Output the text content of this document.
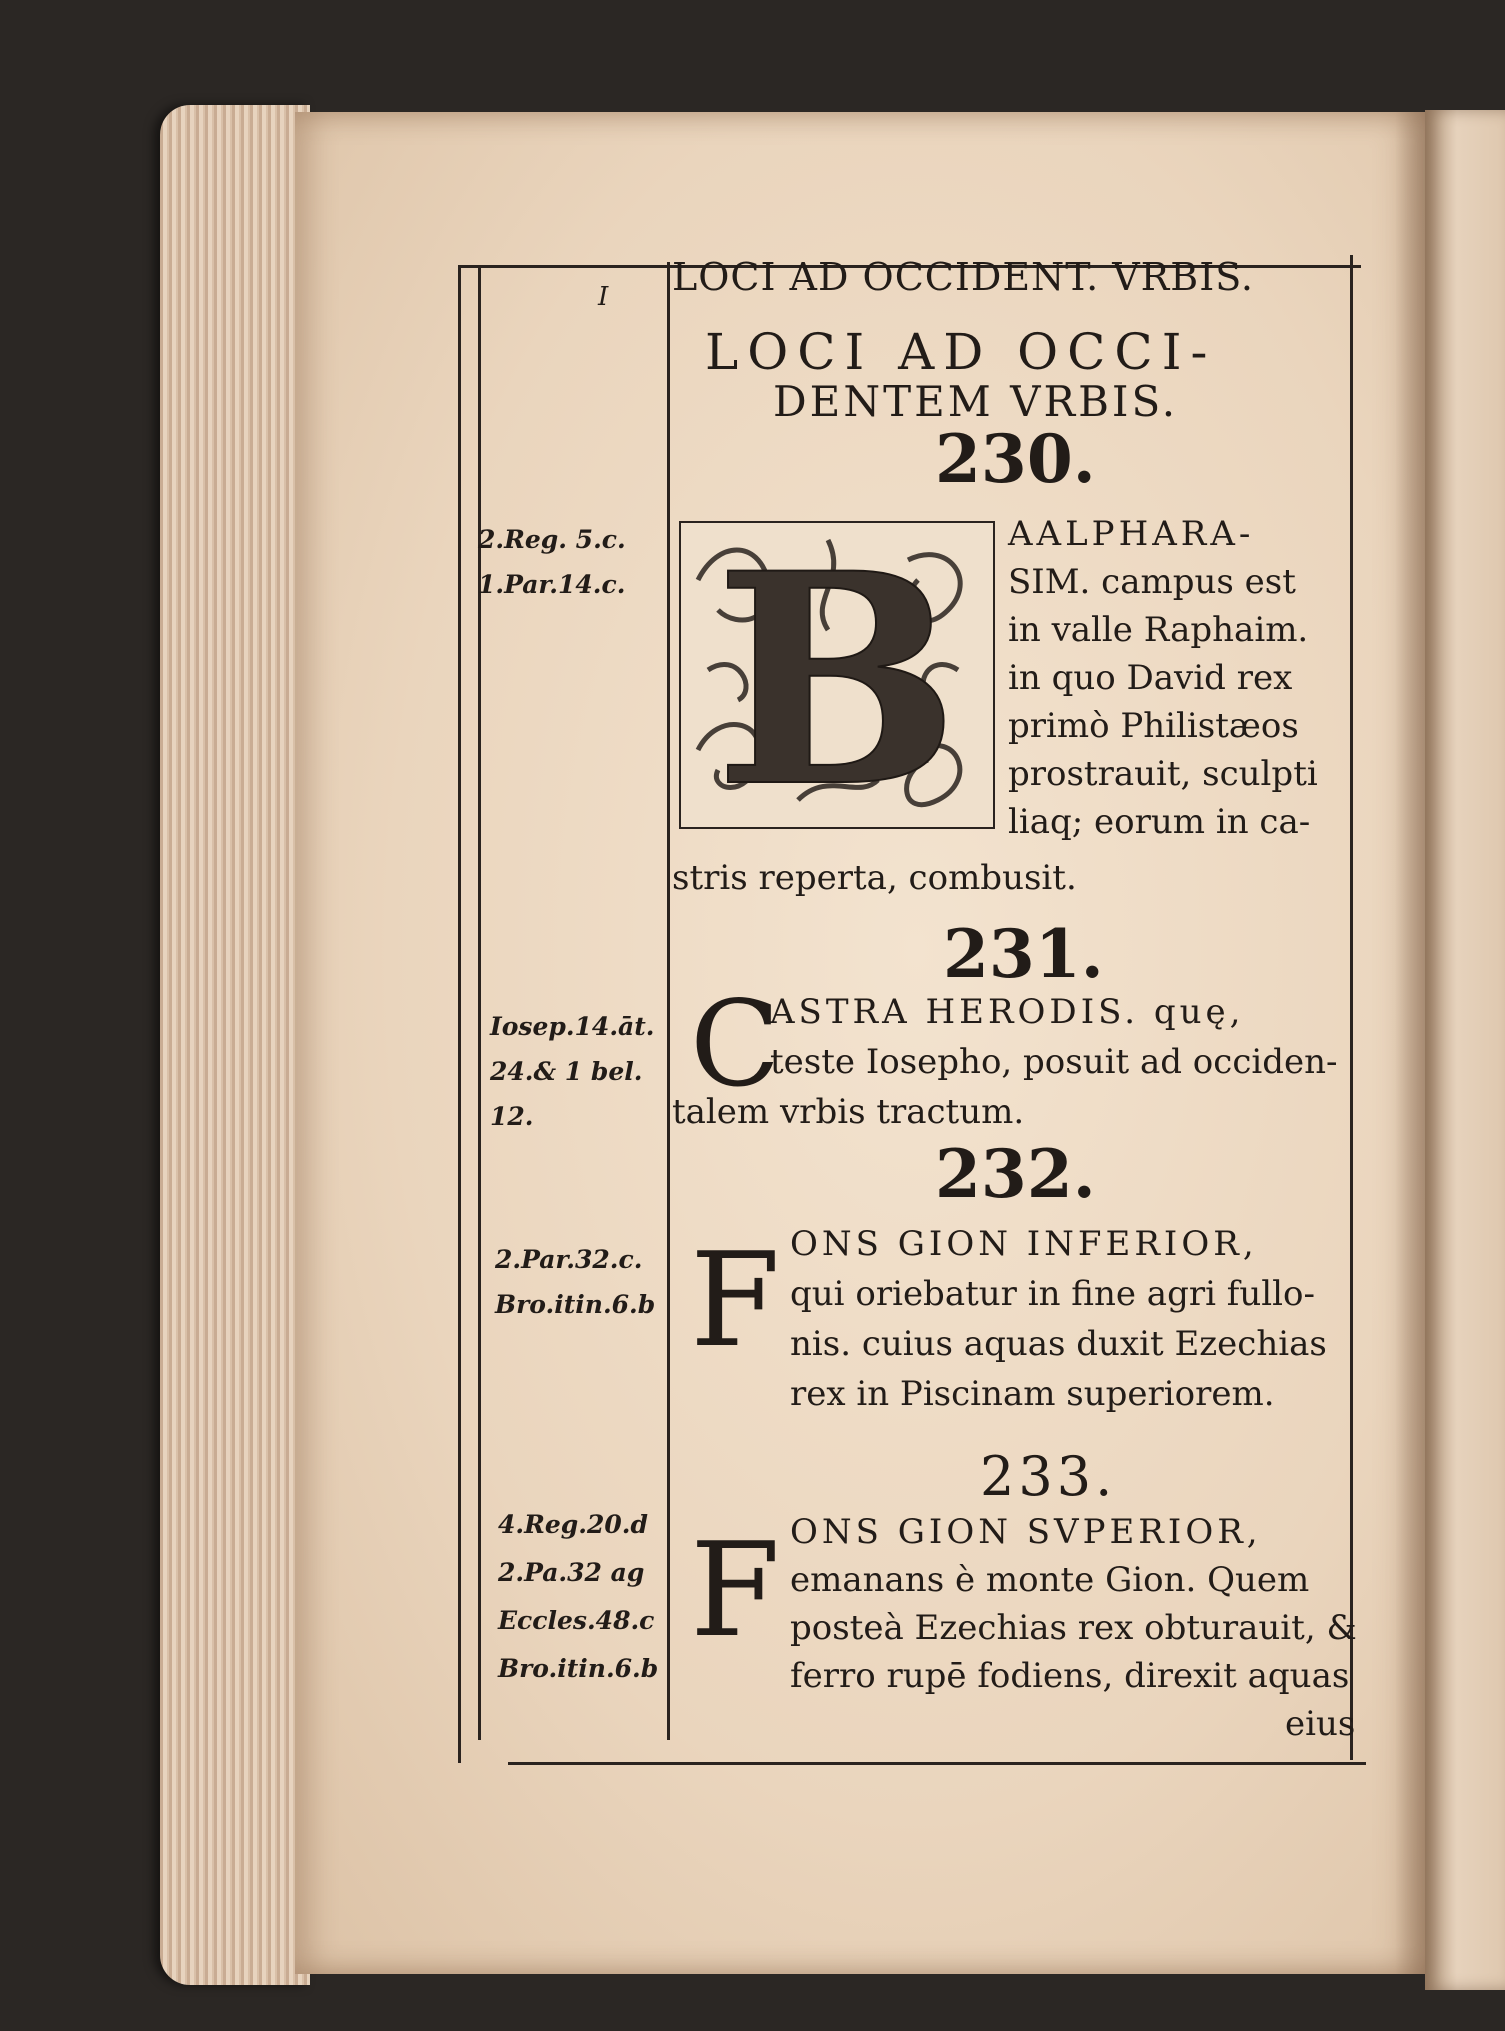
LOCI AD OCCIDENT. VRBIS.
I
LOCI AD OCCI-
DENTEM VRBIS.
230.
B AALPHARA-
SIM. campus est
in valle Raphaim.
in quo David rex
primò Philistæos
prostrauit, sculpti
liaq; eorum in ca-
stris reperta, combusit.
2.Reg. 5.c.
1.Par.14.c.
231.
C
ASTRA HERODIS. quę,
teste Iosepho, posuit ad occiden-
talem vrbis tractum.
Iosep.14.āt.
24.& 1 bel.
12.
232.
F ONS GION INFERIOR,
qui oriebatur in fine agri fullo-
nis. cuius aquas duxit Ezechias
rex in Piscinam superiorem.
2.Par.32.c.
Bro.itin.6.b
233.
F ONS GION SVPERIOR,
emanans è monte Gion. Quem
posteà Ezechias rex obturauit, &
ferro rupē fodiens, direxit aquas
eius
4.Reg.20.d
2.Pa.32 ag
Eccles.48.c
Bro.itin.6.b
